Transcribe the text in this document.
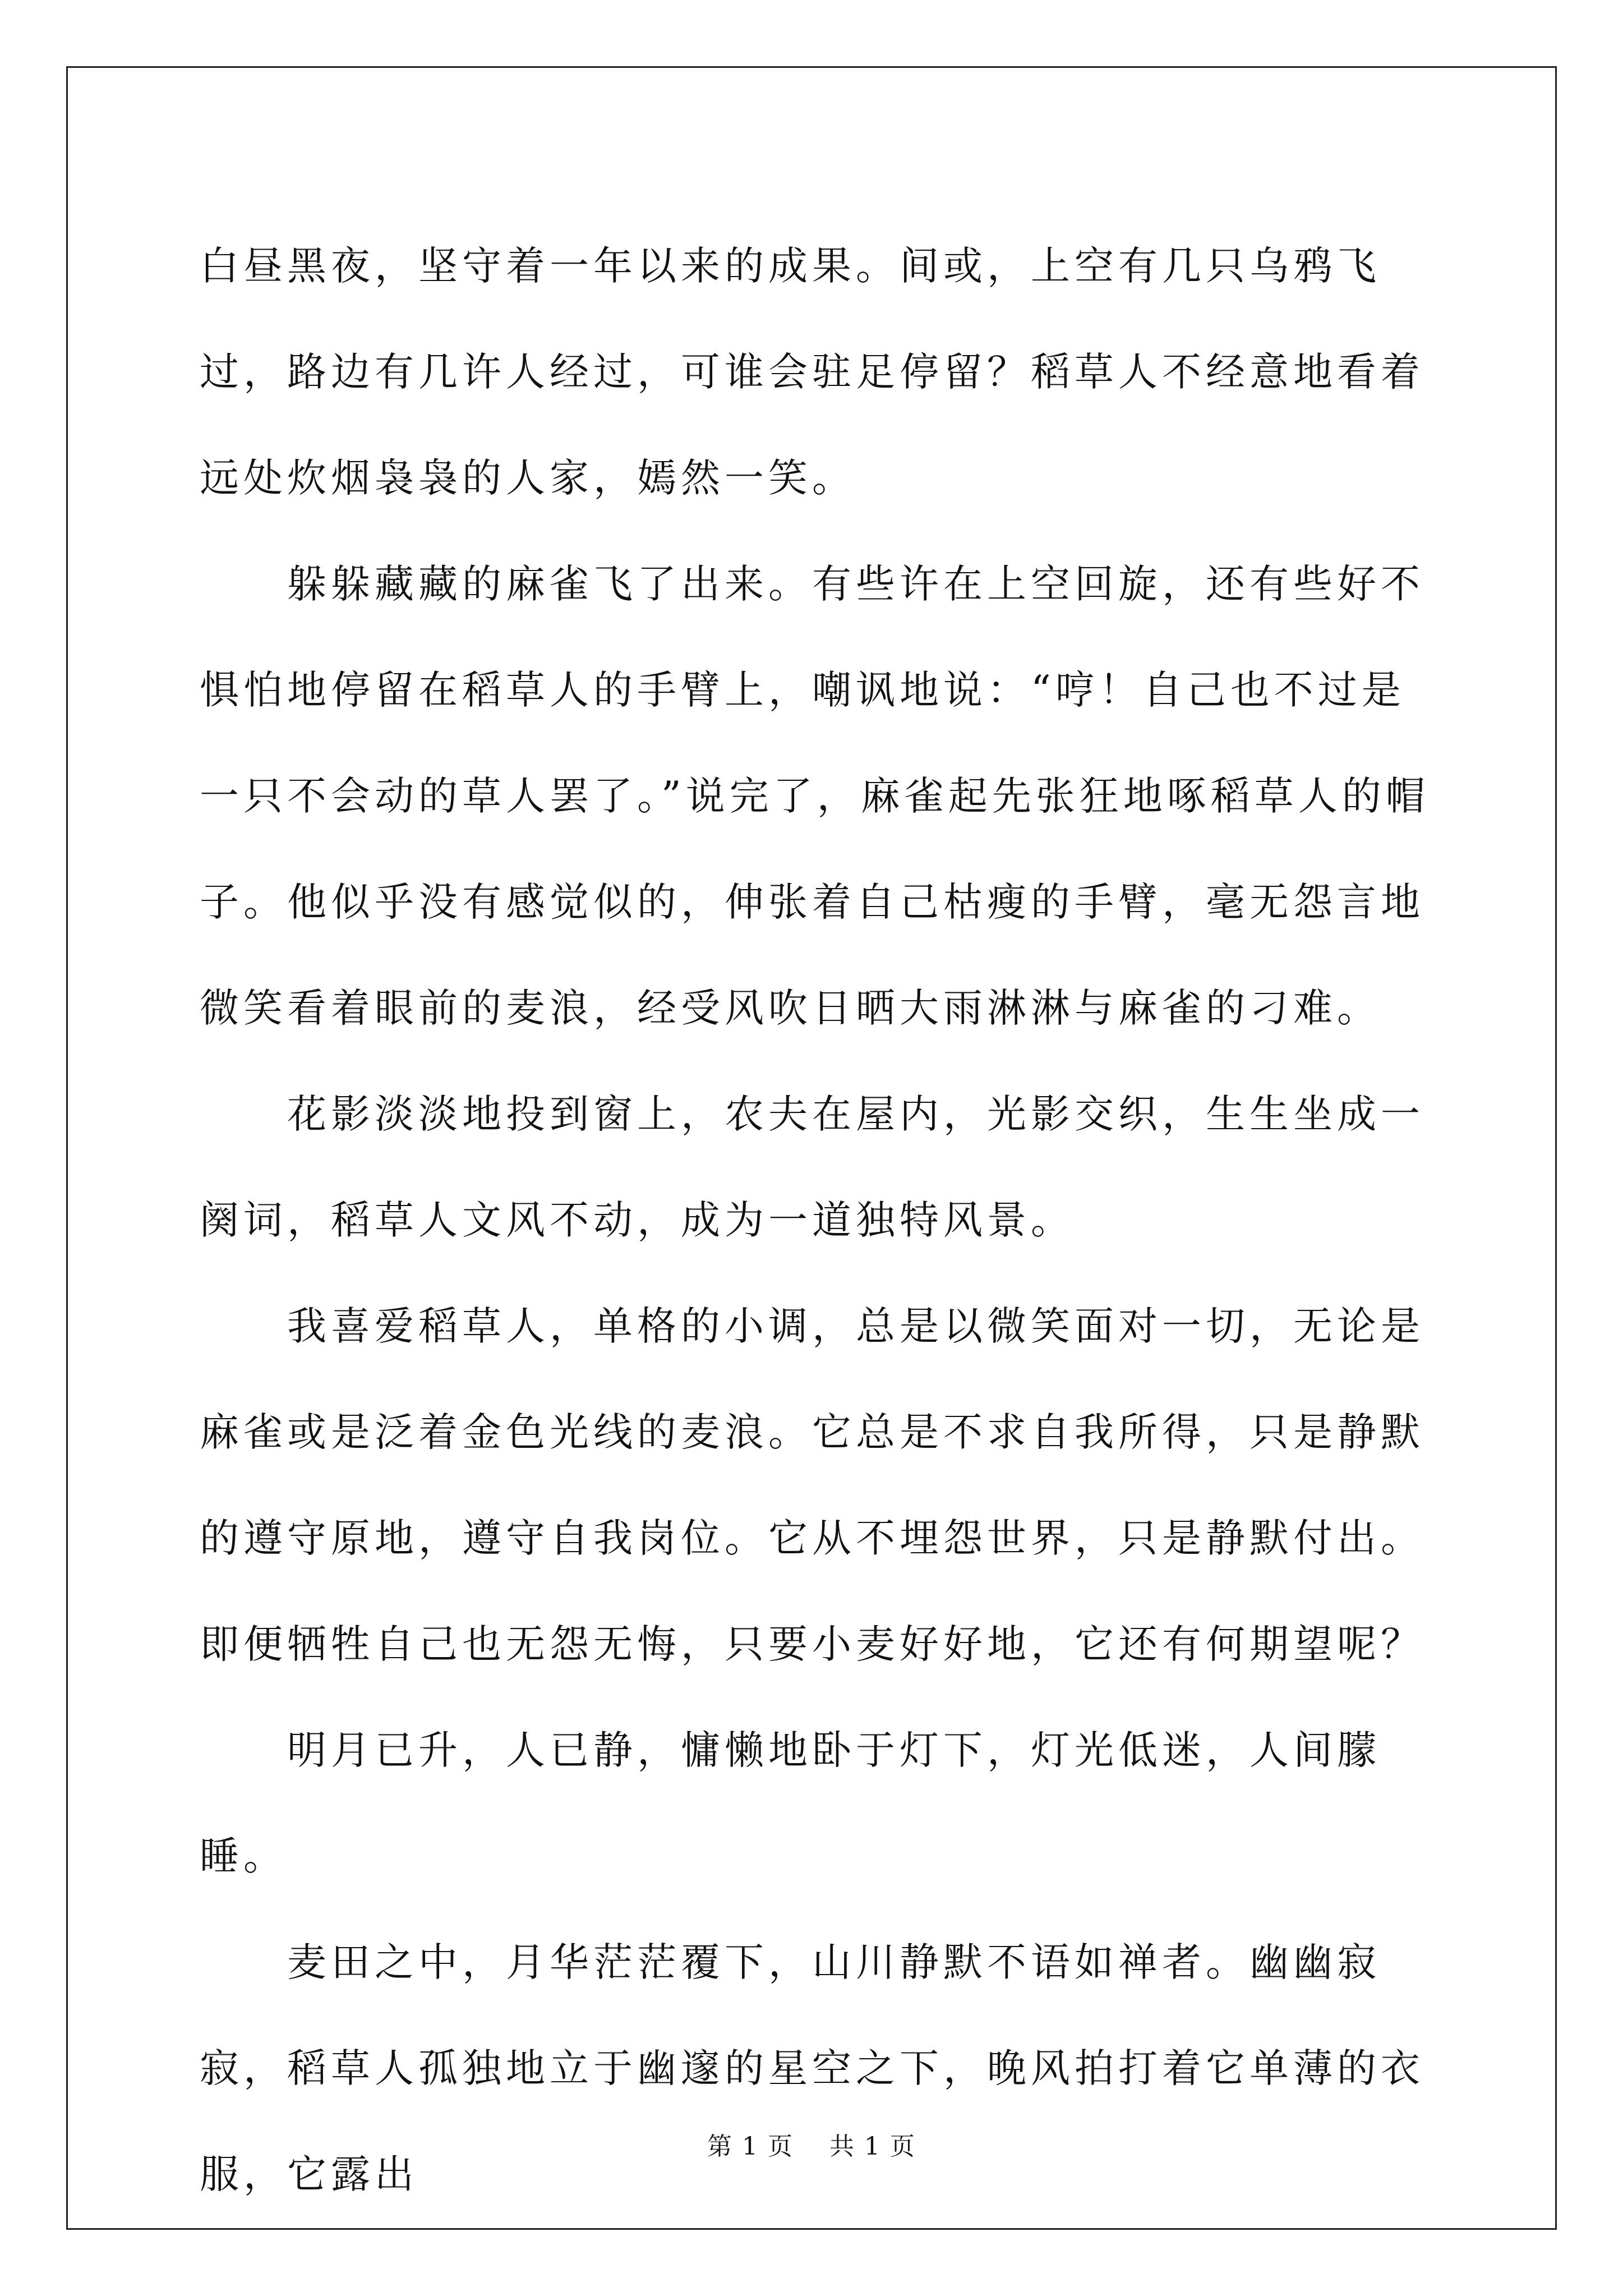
白昼黑夜，坚守着一年以来的成果。间或，上空有几只乌鸦飞过，路边有几许人经过，可谁会驻足停留？稻草人不经意地看着远处炊烟袅袅的人家，嫣然一笑。

躲躲藏藏的麻雀飞了出来。有些许在上空回旋，还有些好不惧怕地停留在稻草人的手臂上，嘲讽地说：“哼！自己也不过是一只不会动的草人罢了。”说完了，麻雀起先张狂地啄稻草人的帽子。他似乎没有感觉似的，伸张着自己枯瘦的手臂，毫无怨言地微笑看着眼前的麦浪，经受风吹日晒大雨淋淋与麻雀的刁难。

花影淡淡地投到窗上，农夫在屋内，光影交织，生生坐成一阕词，稻草人文风不动，成为一道独特风景。

我喜爱稻草人，单格的小调，总是以微笑面对一切，无论是麻雀或是泛着金色光线的麦浪。它总是不求自我所得，只是静默的遵守原地，遵守自我岗位。它从不埋怨世界，只是静默付出。即便牺牲自己也无怨无悔，只要小麦好好地，它还有何期望呢？

明月已升，人已静，慵懒地卧于灯下，灯光低迷，人间朦睡。

麦田之中，月华茫茫覆下，山川静默不语如禅者。幽幽寂寂，稻草人孤独地立于幽邃的星空之下，晚风拍打着它单薄的衣服，它露出

第 1 页 共 1 页
